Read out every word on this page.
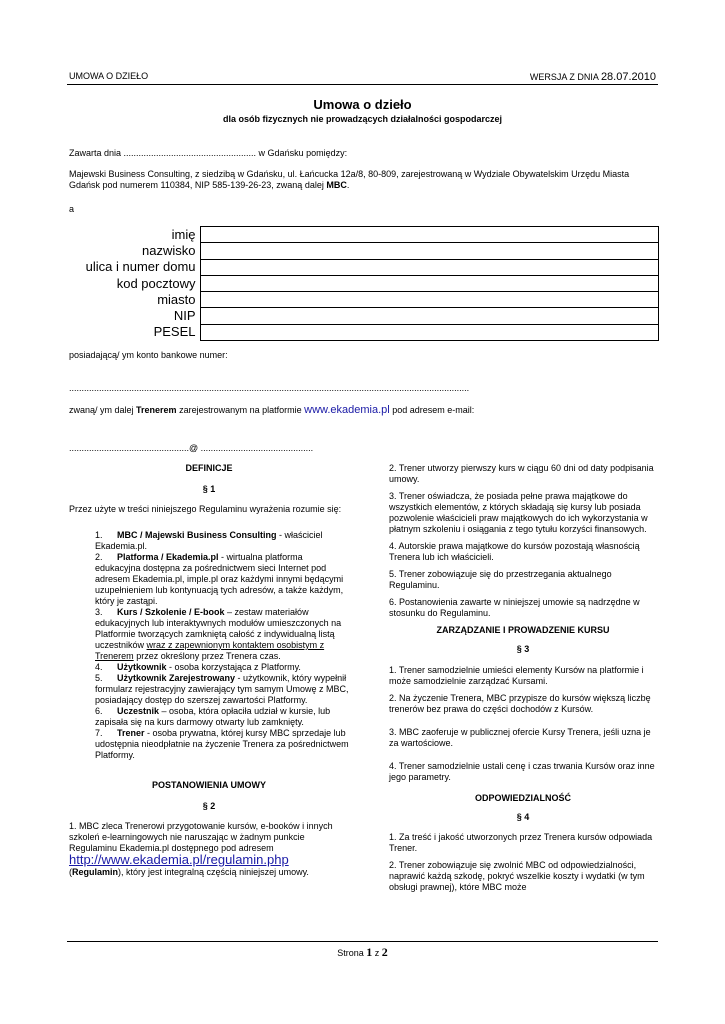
UMOWA O DZIEŁO	WERSJA Z DNIA 28.07.2010
Umowa o dzieło
dla osób fizycznych nie prowadzących działalności gospodarczej
Zawarta dnia ..................................................... w Gdańsku pomiędzy:
Majewski Business Consulting, z siedzibą w Gdańsku, ul. Łańcucka 12a/8, 80-809, zarejestrowaną w Wydziale Obywatelskim Urzędu Miasta Gdańsk pod numerem 110384, NIP 585-139-26-23, zwaną dalej MBC.
a
imię	
nazwisko	
ulica i numer domu	
kod pocztowy	
miasto	
NIP	
PESEL	
posiadającą/ ym konto bankowe numer:
................................................................................................................................................................
zwaną/ ym dalej Trenerem zarejestrowanym na platformie www.ekademia.pl pod adresem e-mail:
................................................@ .............................................
DEFINICJE
§ 1
Przez użyte w treści niniejszego Regulaminu wyrażenia rozumie się:
1. MBC / Majewski Business Consulting - właściciel Ekademia.pl.
2. Platforma / Ekademia.pl - wirtualna platforma edukacyjna dostępna za pośrednictwem sieci Internet pod adresem Ekademia.pl, imple.pl oraz każdymi innymi będącymi uzupełnieniem lub kontynuacją tych adresów, a także każdym, który je zastąpi.
3. Kurs / Szkolenie / E-book – zestaw materiałów edukacyjnych lub interaktywnych modułów umieszczonych na Platformie tworzących zamkniętą całość z indywidualną listą uczestników wraz z zapewnionym kontaktem osobistym z Trenerem przez określony przez Trenera czas.
4. Użytkownik - osoba korzystająca z Platformy.
5. Użytkownik Zarejestrowany - użytkownik, który wypełnił formularz rejestracyjny zawierający tym samym Umowę z MBC, posiadający dostęp do szerszej zawartości Platformy.
6. Uczestnik – osoba, która opłaciła udział w kursie, lub zapisała się na kurs darmowy otwarty lub zamknięty.
7. Trener - osoba prywatna, której kursy MBC sprzedaje lub udostępnia nieodpłatnie na życzenie Trenera za pośrednictwem Platformy.
POSTANOWIENIA UMOWY
§ 2
1. MBC zleca Trenerowi przygotowanie kursów, e-booków i innych szkoleń e-learningowych nie naruszając w żadnym punkcie Regulaminu Ekademia.pl dostępnego pod adresem
http://www.ekademia.pl/regulamin.php
(Regulamin), który jest integralną częścią niniejszej umowy.

2. Trener utworzy pierwszy kurs w ciągu 60 dni od daty podpisania umowy.

3. Trener oświadcza, że posiada pełne prawa majątkowe do wszystkich elementów, z których składają się kursy lub posiada pozwolenie właścicieli praw majątkowych do ich wykorzystania w płatnym szkoleniu i osiągania z tego tytułu korzyści finansowych.

4. Autorskie prawa majątkowe do kursów pozostają własnością Trenera lub ich właścicieli.

5. Trener zobowiązuje się do przestrzegania aktualnego Regulaminu.

6. Postanowienia zawarte w niniejszej umowie są nadrzędne w stosunku do Regulaminu.

ZARZĄDZANIE I PROWADZENIE KURSU
§ 3

1. Trener samodzielnie umieści elementy Kursów na platformie i może samodzielnie zarządzać Kursami.

2. Na życzenie Trenera, MBC przypisze do kursów większą liczbę trenerów bez prawa do części dochodów z Kursów.

3. MBC zaoferuje w publicznej ofercie Kursy Trenera, jeśli uzna je za wartościowe.

4. Trener samodzielnie ustali cenę i czas trwania Kursów oraz inne jego parametry.

ODPOWIEDZIALNOŚĆ
§ 4

1. Za treść i jakość utworzonych przez Trenera kursów odpowiada Trener.

2. Trener zobowiązuje się zwolnić MBC od odpowiedzialności, naprawić każdą szkodę, pokryć wszelkie koszty i wydatki (w tym obsługi prawnej), które MBC może

Strona 1 z 2
